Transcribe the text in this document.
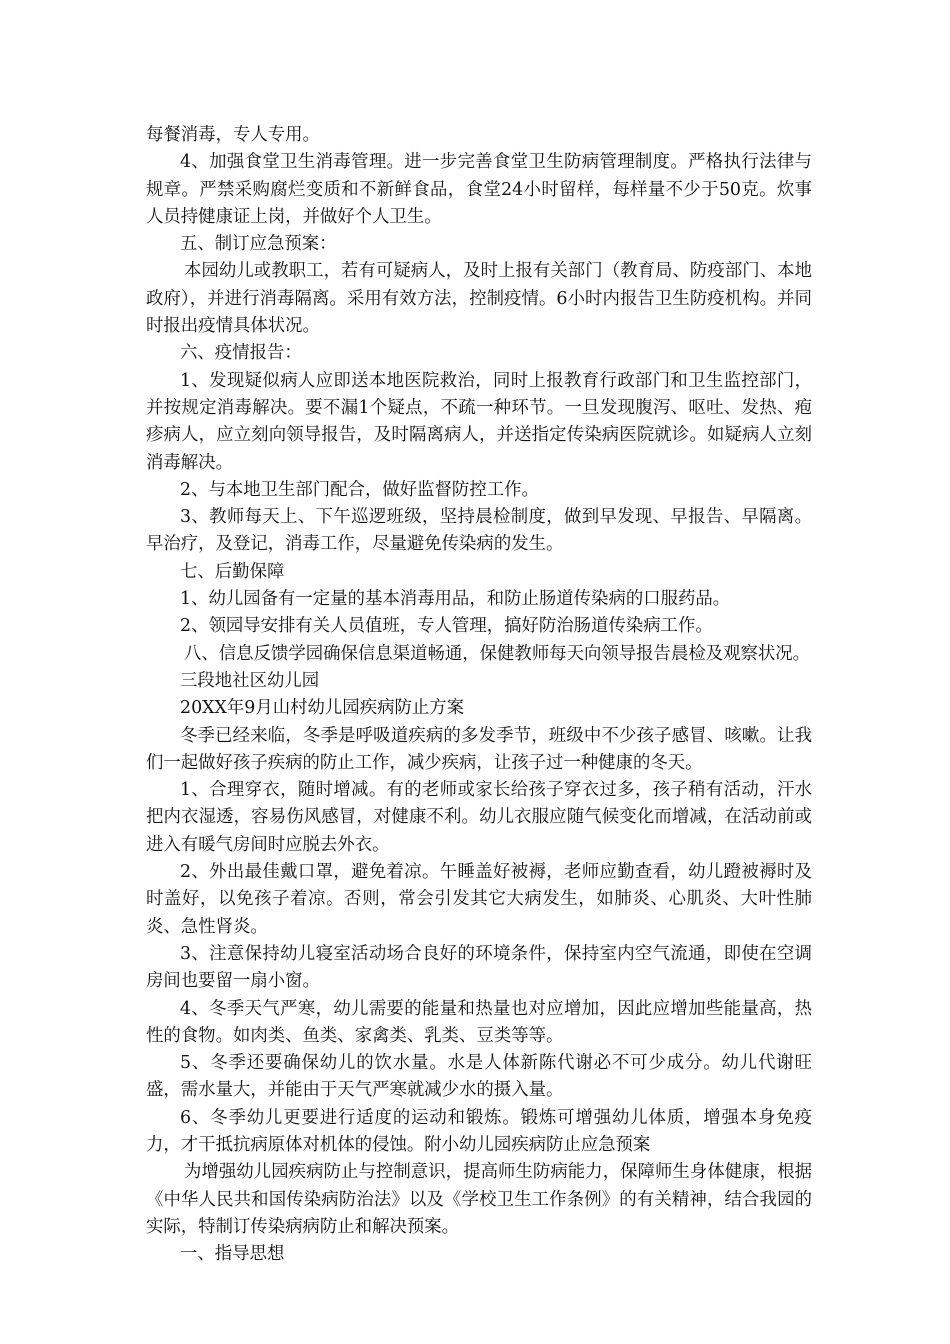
每餐消毒，专人专用。

4、加强食堂卫生消毒管理。进一步完善食堂卫生防病管理制度。严格执行法律与规章。严禁采购腐烂变质和不新鲜食品，食堂24小时留样，每样量不少于50克。炊事人员持健康证上岗，并做好个人卫生。

五、制订应急预案：

本园幼儿或教职工，若有可疑病人，及时上报有关部门（教育局、防疫部门、本地政府），并进行消毒隔离。采用有效方法，控制疫情。6小时内报告卫生防疫机构。并同时报出疫情具体状况。

六、疫情报告：

1、发现疑似病人应即送本地医院救治，同时上报教育行政部门和卫生监控部门，并按规定消毒解决。要不漏1个疑点，不疏一种环节。一旦发现腹泻、呕吐、发热、疱疹病人，应立刻向领导报告，及时隔离病人，并送指定传染病医院就诊。如疑病人立刻消毒解决。

2、与本地卫生部门配合，做好监督防控工作。

3、教师每天上、下午巡逻班级，坚持晨检制度，做到早发现、早报告、早隔离。早治疗，及登记，消毒工作，尽量避免传染病的发生。

七、后勤保障

1、幼儿园备有一定量的基本消毒用品，和防止肠道传染病的口服药品。

2、领园导安排有关人员值班，专人管理，搞好防治肠道传染病工作。

八、信息反馈学园确保信息渠道畅通，保健教师每天向领导报告晨检及观察状况。

三段地社区幼儿园

20XX年9月山村幼儿园疾病防止方案

冬季已经来临，冬季是呼吸道疾病的多发季节，班级中不少孩子感冒、咳嗽。让我们一起做好孩子疾病的防止工作，减少疾病，让孩子过一种健康的冬天。

1、合理穿衣，随时增减。有的老师或家长给孩子穿衣过多，孩子稍有活动，汗水把内衣湿透，容易伤风感冒，对健康不利。幼儿衣服应随气候变化而增减，在活动前或进入有暖气房间时应脱去外衣。

2、外出最佳戴口罩，避免着凉。午睡盖好被褥，老师应勤查看，幼儿蹬被褥时及时盖好，以免孩子着凉。否则，常会引发其它大病发生，如肺炎、心肌炎、大叶性肺炎、急性肾炎。

3、注意保持幼儿寝室活动场合良好的环境条件，保持室内空气流通，即使在空调房间也要留一扇小窗。

4、冬季天气严寒，幼儿需要的能量和热量也对应增加，因此应增加些能量高，热性的食物。如肉类、鱼类、家禽类、乳类、豆类等等。

5、冬季还要确保幼儿的饮水量。水是人体新陈代谢必不可少成分。幼儿代谢旺盛，需水量大，并能由于天气严寒就减少水的摄入量。

6、冬季幼儿更要进行适度的运动和锻炼。锻炼可增强幼儿体质，增强本身免疫力，才干抵抗病原体对机体的侵蚀。附小幼儿园疾病防止应急预案

为增强幼儿园疾病防止与控制意识，提高师生防病能力，保障师生身体健康，根据《中华人民共和国传染病防治法》以及《学校卫生工作条例》的有关精神，结合我园的实际，特制订传染病病防止和解决预案。

一、指导思想
